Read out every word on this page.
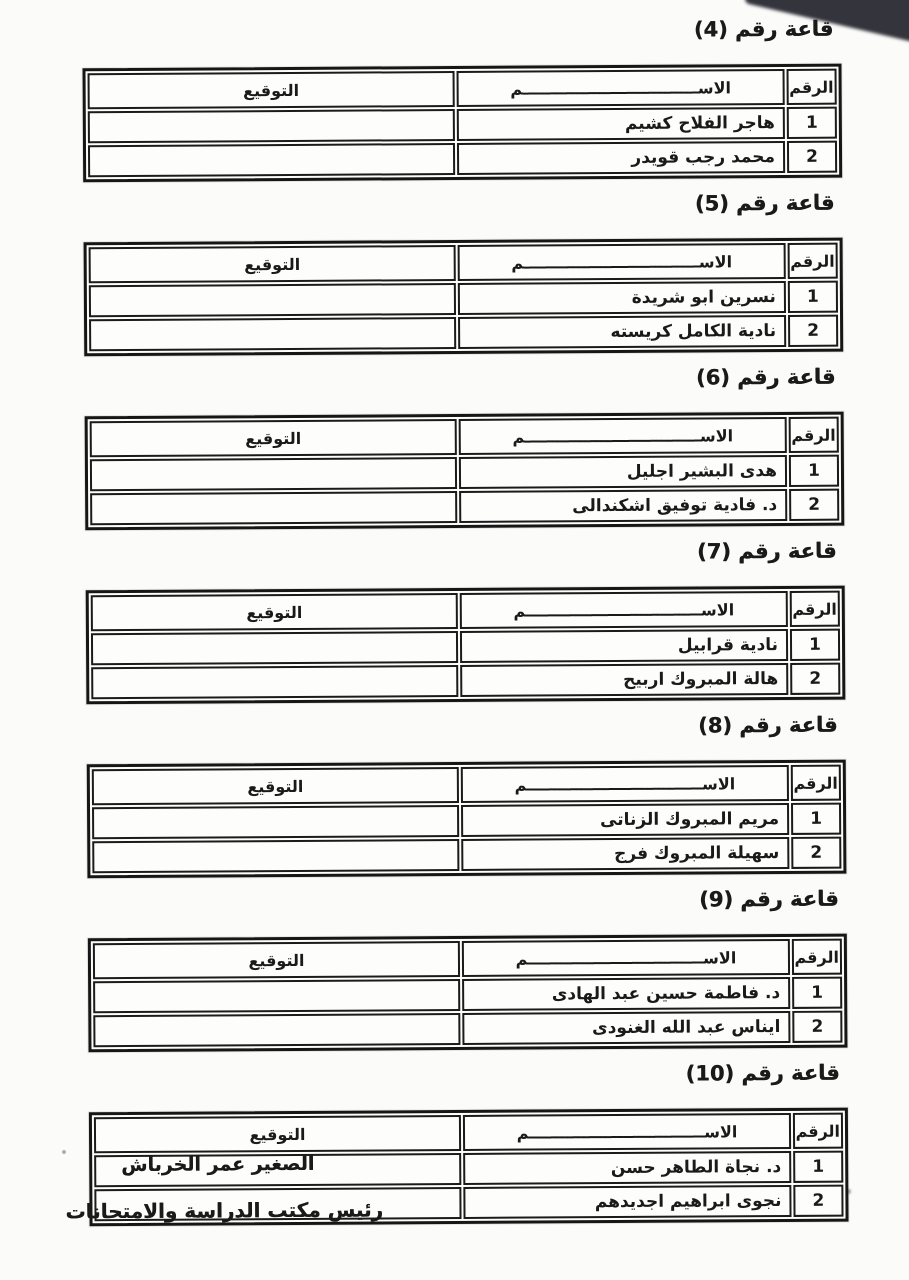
قاعة رقم (4)
الرقم	الاســــــــــــــــــــــــــــــــم	التوقيع
1	هاجر الفلاح كشيم	
2	محمد رجب قويدر	
قاعة رقم (5)
الرقم	الاســــــــــــــــــــــــــــــــم	التوقيع
1	نسرين ابو شريدة	
2	نادية الكامل كريسته	
قاعة رقم (6)
الرقم	الاســــــــــــــــــــــــــــــــم	التوقيع
1	هدى البشير اجليل	
2	د. فادية توفيق اشكندالى	
قاعة رقم (7)
الرقم	الاســــــــــــــــــــــــــــــــم	التوقيع
1	نادية قرابيل	
2	هالة المبروك اربيح	
قاعة رقم (8)
الرقم	الاســــــــــــــــــــــــــــــــم	التوقيع
1	مريم المبروك الزناتى	
2	سهيلة المبروك فرج	
قاعة رقم (9)
الرقم	الاســــــــــــــــــــــــــــــــم	التوقيع
1	د. فاطمة حسين عبد الهادى	
2	ايناس عبد الله الغنودى	
قاعة رقم (10)
الرقم	الاســــــــــــــــــــــــــــــــم	التوقيع
1	د. نجاة الطاهر حسن	
2	نجوى ابراهيم اجديدهم	
الصغير عمر الخرباش
رئيس مكتب الدراسة والامتحانات
